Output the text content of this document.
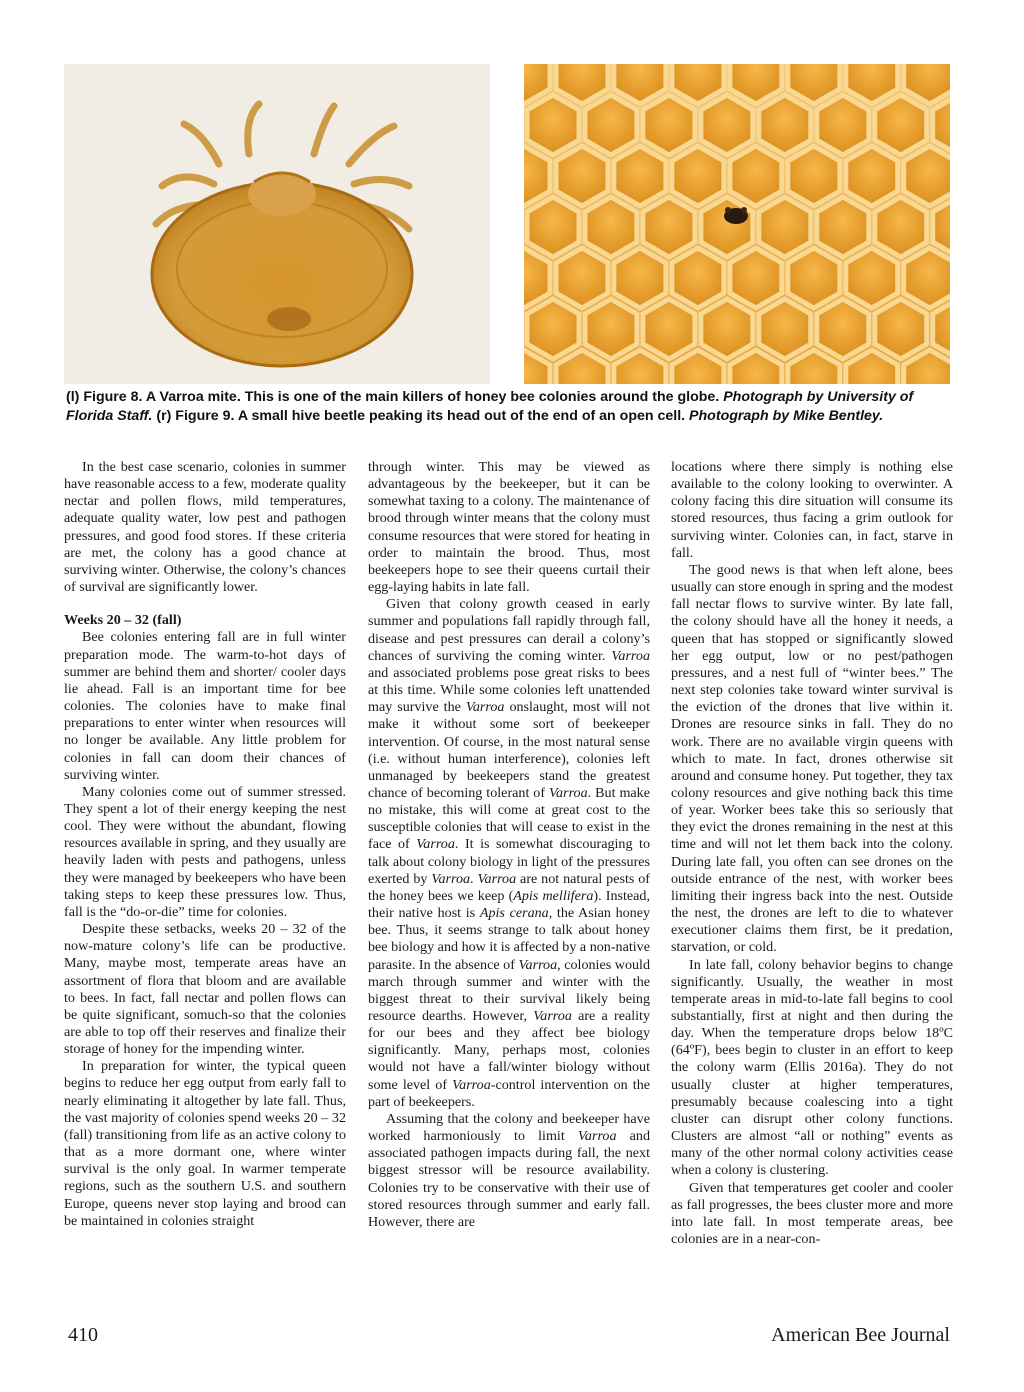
(l) Figure 8. A Varroa mite. This is one of the main killers of honey bee colonies around the globe. Photograph by University of Florida Staff. (r) Figure 9. A small hive beetle peaking its head out of the end of an open cell. Photograph by Mike Bentley.

In the best case scenario, colonies in summer have reasonable access to a few, moderate quality nectar and pollen flows, mild temperatures, adequate quality water, low pest and pathogen pressures, and good food stores. If these criteria are met, the colony has a good chance at surviving winter. Otherwise, the colony’s chances of survival are significantly lower.

Weeks 20 – 32 (fall)

Bee colonies entering fall are in full winter preparation mode. The warm-to-hot days of summer are behind them and shorter/ cooler days lie ahead. Fall is an important time for bee colonies. The colonies have to make final preparations to enter winter when resources will no longer be available. Any little problem for colonies in fall can doom their chances of surviving winter.

Many colonies come out of summer stressed. They spent a lot of their energy keeping the nest cool. They were without the abundant, flowing resources available in spring, and they usually are heavily laden with pests and pathogens, unless they were managed by beekeepers who have been taking steps to keep these pressures low. Thus, fall is the “do-or-die” time for colonies.

Despite these setbacks, weeks 20 – 32 of the now-mature colony’s life can be productive. Many, maybe most, temperate areas have an assortment of flora that bloom and are available to bees. In fact, fall nectar and pollen flows can be quite significant, somuch-so that the colonies are able to top off their reserves and finalize their storage of honey for the impending winter.

In preparation for winter, the typical queen begins to reduce her egg output from early fall to nearly eliminating it altogether by late fall. Thus, the vast majority of colonies spend weeks 20 – 32 (fall) transitioning from life as an active colony to that as a more dormant one, where winter survival is the only goal. In warmer temperate regions, such as the southern U.S. and southern Europe, queens never stop laying and brood can be maintained in colonies straight

through winter. This may be viewed as advantageous by the beekeeper, but it can be somewhat taxing to a colony. The maintenance of brood through winter means that the colony must consume resources that were stored for heating in order to maintain the brood. Thus, most beekeepers hope to see their queens curtail their egg-laying habits in late fall.

Given that colony growth ceased in early summer and populations fall rapidly through fall, disease and pest pressures can derail a colony’s chances of surviving the coming winter. Varroa and associated problems pose great risks to bees at this time. While some colonies left unattended may survive the Varroa onslaught, most will not make it without some sort of beekeeper intervention. Of course, in the most natural sense (i.e. without human interference), colonies left unmanaged by beekeepers stand the greatest chance of becoming tolerant of Varroa. But make no mistake, this will come at great cost to the susceptible colonies that will cease to exist in the face of Varroa. It is somewhat discouraging to talk about colony biology in light of the pressures exerted by Varroa. Varroa are not natural pests of the honey bees we keep (Apis mellifera). Instead, their native host is Apis cerana, the Asian honey bee. Thus, it seems strange to talk about honey bee biology and how it is affected by a non-native parasite. In the absence of Varroa, colonies would march through summer and winter with the biggest threat to their survival likely being resource dearths. However, Varroa are a reality for our bees and they affect bee biology significantly. Many, perhaps most, colonies would not have a fall/winter biology without some level of Varroa-control intervention on the part of beekeepers.

Assuming that the colony and beekeeper have worked harmoniously to limit Varroa and associated pathogen impacts during fall, the next biggest stressor will be resource availability. Colonies try to be conservative with their use of stored resources through summer and early fall. However, there are

locations where there simply is nothing else available to the colony looking to overwinter. A colony facing this dire situation will consume its stored resources, thus facing a grim outlook for surviving winter. Colonies can, in fact, starve in fall.

The good news is that when left alone, bees usually can store enough in spring and the modest fall nectar flows to survive winter. By late fall, the colony should have all the honey it needs, a queen that has stopped or significantly slowed her egg output, low or no pest/pathogen pressures, and a nest full of “winter bees.” The next step colonies take toward winter survival is the eviction of the drones that live within it. Drones are resource sinks in fall. They do no work. There are no available virgin queens with which to mate. In fact, drones otherwise sit around and consume honey. Put together, they tax colony resources and give nothing back this time of year. Worker bees take this so seriously that they evict the drones remaining in the nest at this time and will not let them back into the colony. During late fall, you often can see drones on the outside entrance of the nest, with worker bees limiting their ingress back into the nest. Outside the nest, the drones are left to die to whatever executioner claims them first, be it predation, starvation, or cold.

In late fall, colony behavior begins to change significantly. Usually, the weather in most temperate areas in mid-to-late fall begins to cool substantially, first at night and then during the day. When the temperature drops below 18ºC (64ºF), bees begin to cluster in an effort to keep the colony warm (Ellis 2016a). They do not usually cluster at higher temperatures, presumably because coalescing into a tight cluster can disrupt other colony functions. Clusters are almost “all or nothing” events as many of the other normal colony activities cease when a colony is clustering.

Given that temperatures get cooler and cooler as fall progresses, the bees cluster more and more into late fall. In most temperate areas, bee colonies are in a near-con-

410	American Bee Journal
